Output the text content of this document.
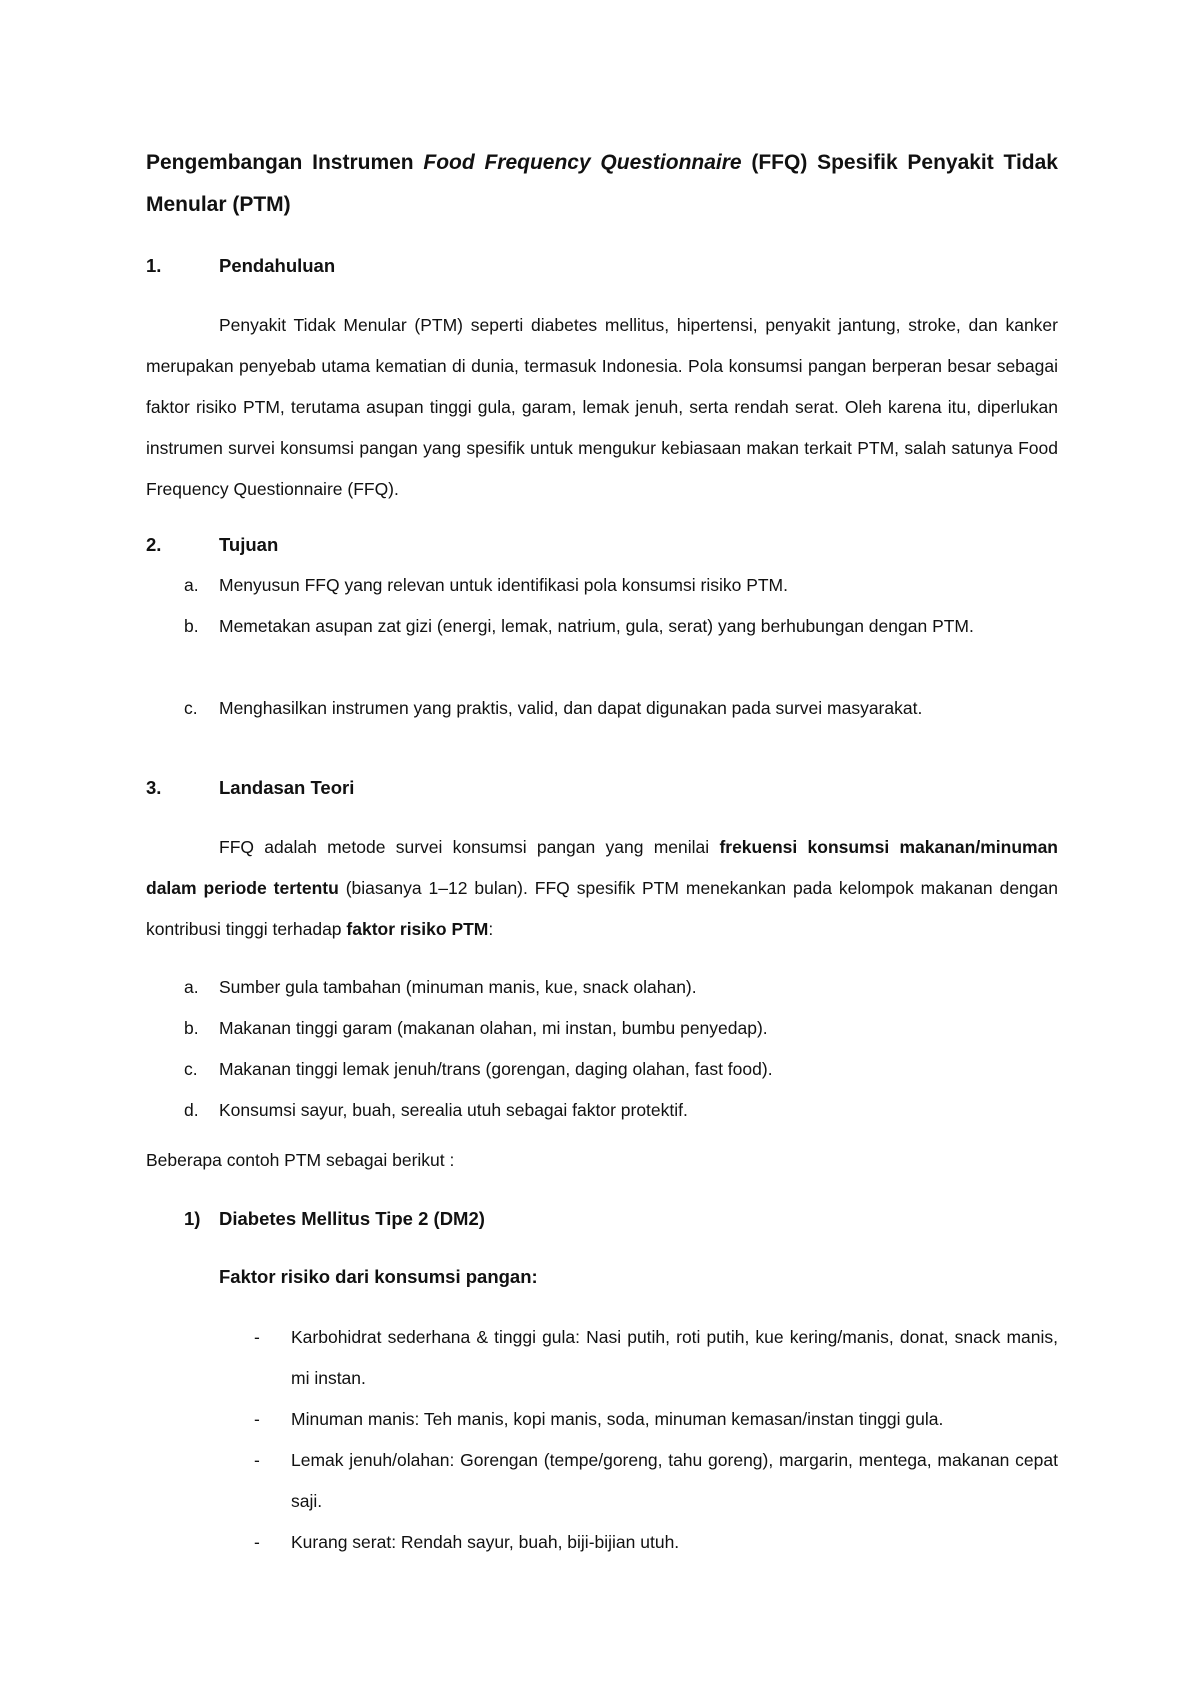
Pengembangan Instrumen Food Frequency Questionnaire (FFQ) Spesifik Penyakit Tidak Menular (PTM)

1.	Pendahuluan

Penyakit Tidak Menular (PTM) seperti diabetes mellitus, hipertensi, penyakit jantung, stroke, dan kanker merupakan penyebab utama kematian di dunia, termasuk Indonesia. Pola konsumsi pangan berperan besar sebagai faktor risiko PTM, terutama asupan tinggi gula, garam, lemak jenuh, serta rendah serat. Oleh karena itu, diperlukan instrumen survei konsumsi pangan yang spesifik untuk mengukur kebiasaan makan terkait PTM, salah satunya Food Frequency Questionnaire (FFQ).

2.	Tujuan
a. Menyusun FFQ yang relevan untuk identifikasi pola konsumsi risiko PTM.
b. Memetakan asupan zat gizi (energi, lemak, natrium, gula, serat) yang berhubungan dengan PTM.
c. Menghasilkan instrumen yang praktis, valid, dan dapat digunakan pada survei masyarakat.
3.	Landasan Teori

FFQ adalah metode survei konsumsi pangan yang menilai frekuensi konsumsi makanan/minuman dalam periode tertentu (biasanya 1–12 bulan). FFQ spesifik PTM menekankan pada kelompok makanan dengan kontribusi tinggi terhadap faktor risiko PTM:

a. Sumber gula tambahan (minuman manis, kue, snack olahan).
b. Makanan tinggi garam (makanan olahan, mi instan, bumbu penyedap).
c. Makanan tinggi lemak jenuh/trans (gorengan, daging olahan, fast food).
d. Konsumsi sayur, buah, serealia utuh sebagai faktor protektif.

Beberapa contoh PTM sebagai berikut :

1) Diabetes Mellitus Tipe 2 (DM2)
Faktor risiko dari konsumsi pangan:
- Karbohidrat sederhana & tinggi gula: Nasi putih, roti putih, kue kering/manis, donat, snack manis, mi instan.
- Minuman manis: Teh manis, kopi manis, soda, minuman kemasan/instan tinggi gula.
- Lemak jenuh/olahan: Gorengan (tempe/goreng, tahu goreng), margarin, mentega, makanan cepat saji.
- Kurang serat: Rendah sayur, buah, biji-bijian utuh.
